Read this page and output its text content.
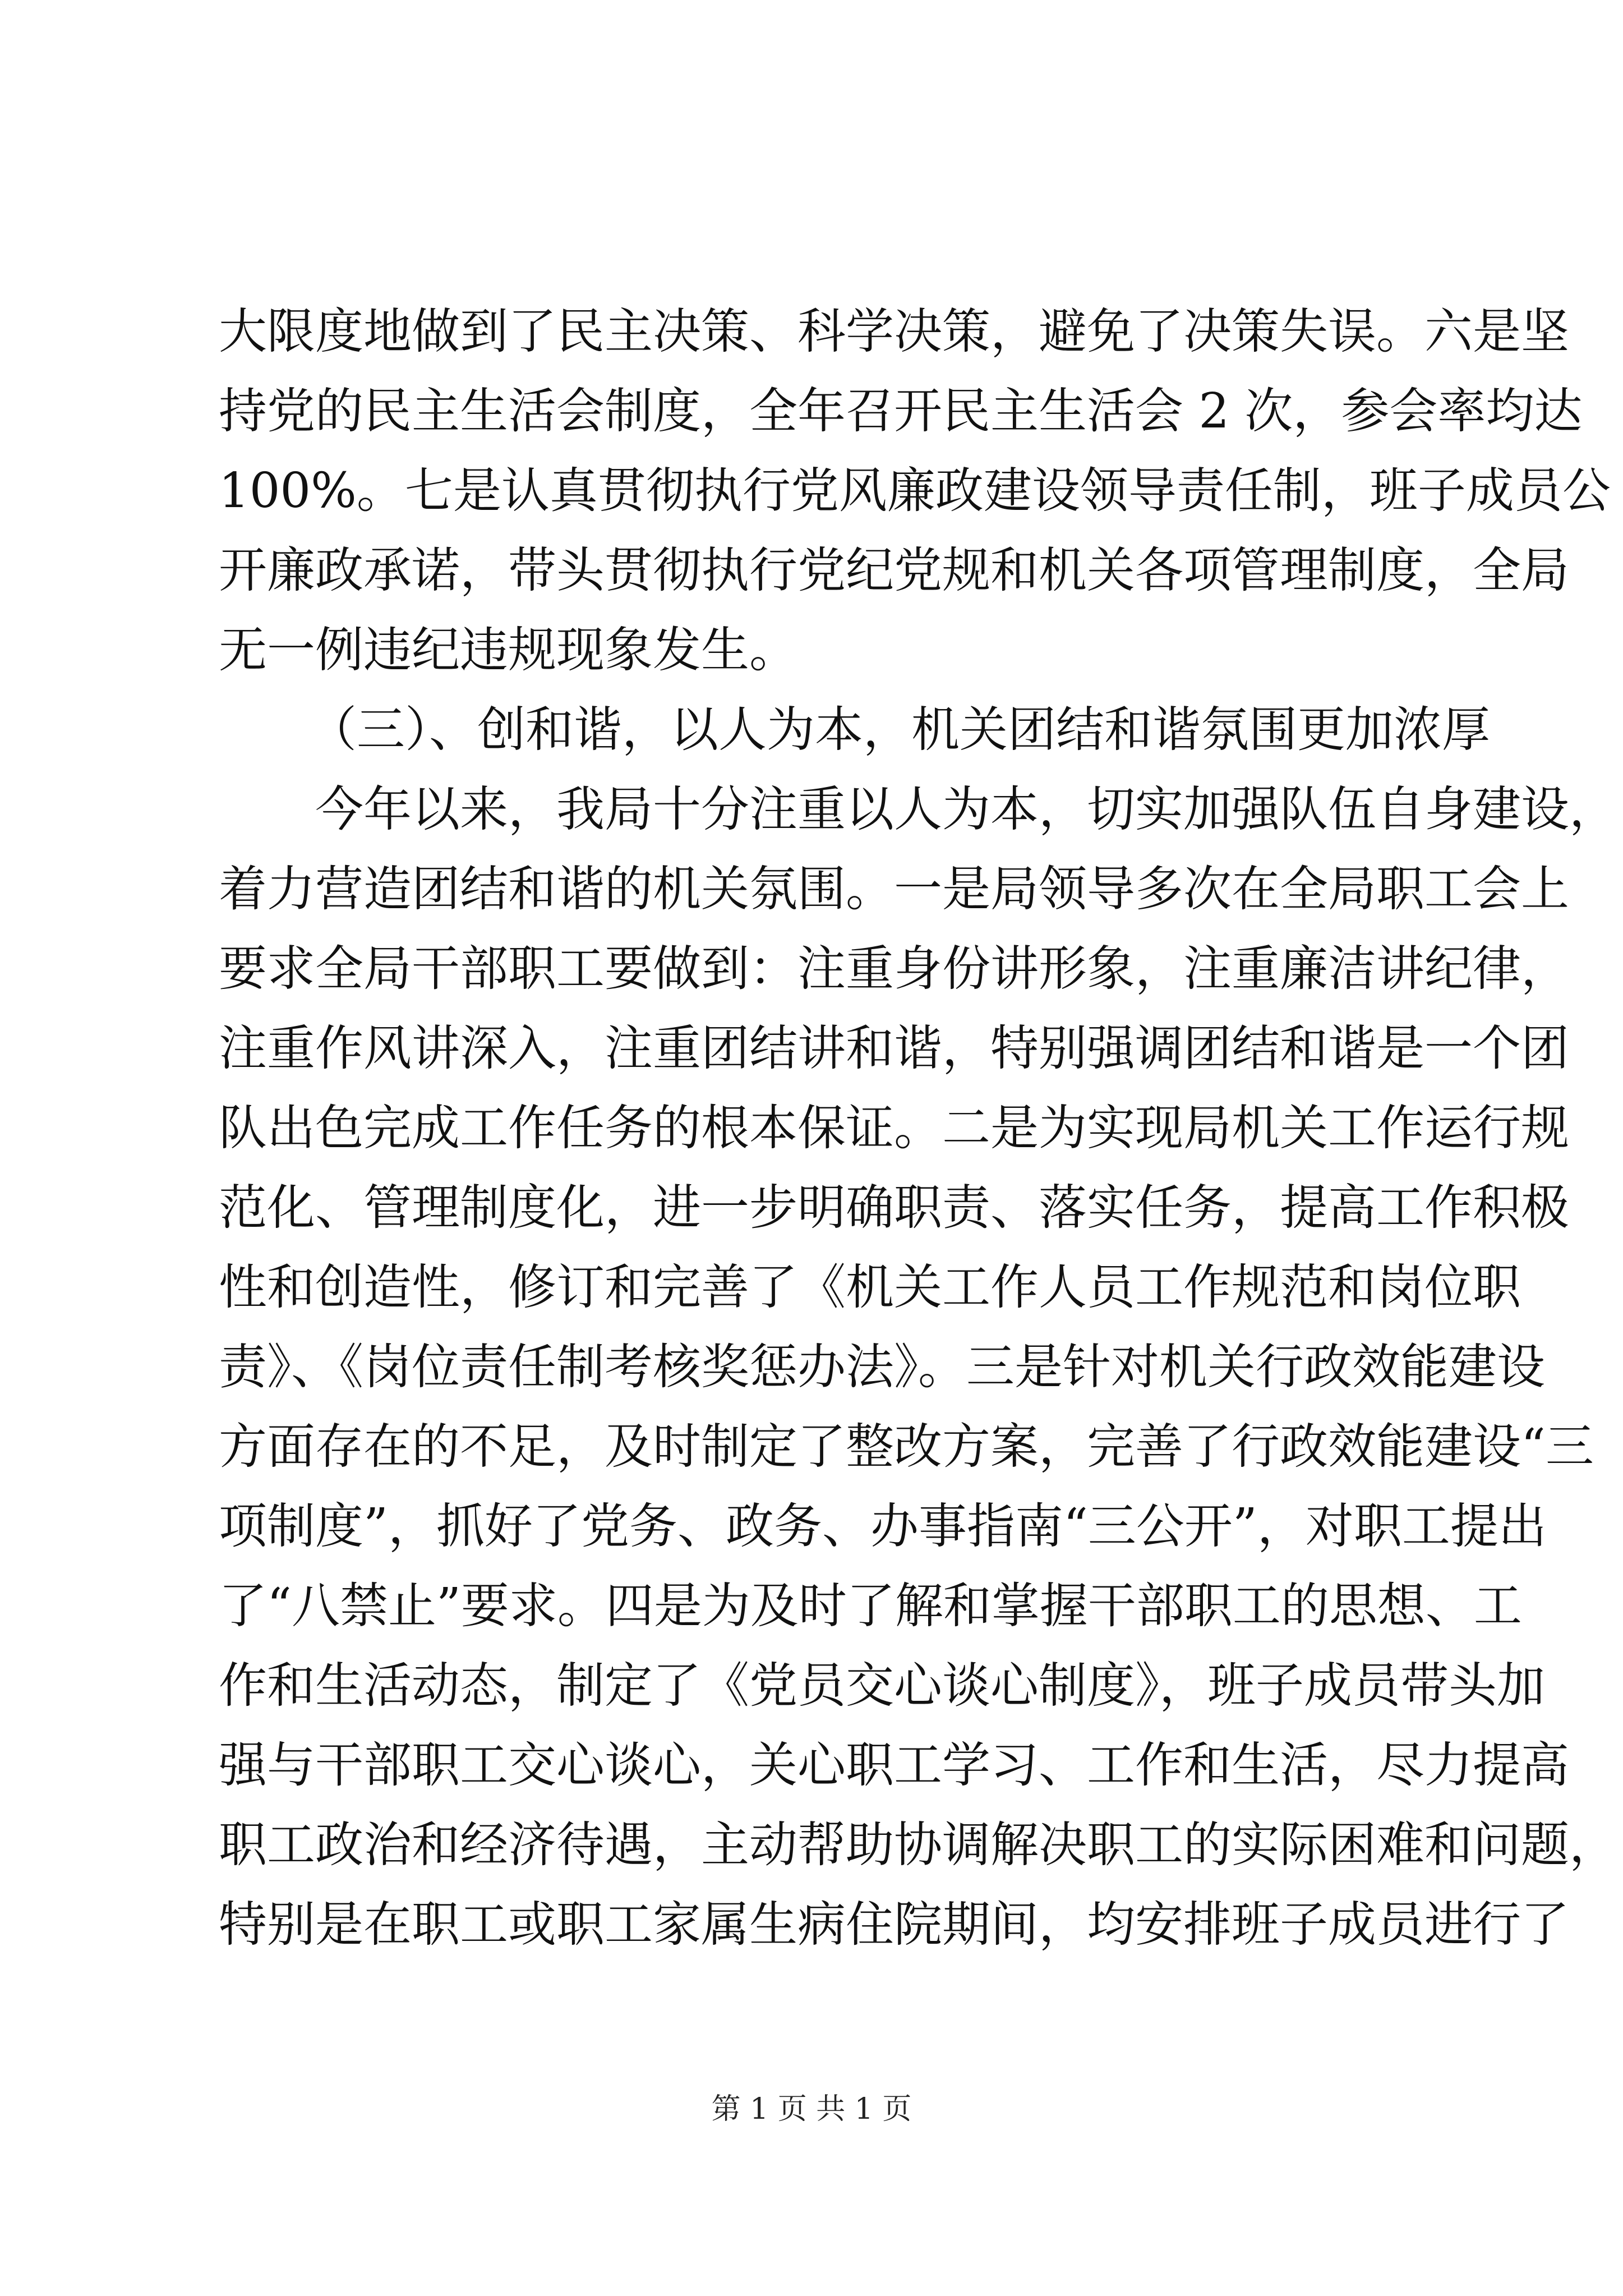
大限度地做到了民主决策、科学决策，避免了决策失误。六是坚
持党的民主生活会制度，全年召开民主生活会 2 次，参会率均达
100%。七是认真贯彻执行党风廉政建设领导责任制，班子成员公
开廉政承诺，带头贯彻执行党纪党规和机关各项管理制度，全局
无一例违纪违规现象发生。
（三）、创和谐，以人为本，机关团结和谐氛围更加浓厚
　　今年以来，我局十分注重以人为本，切实加强队伍自身建设，
着力营造团结和谐的机关氛围。一是局领导多次在全局职工会上
要求全局干部职工要做到：注重身份讲形象，注重廉洁讲纪律，
注重作风讲深入，注重团结讲和谐，特别强调团结和谐是一个团
队出色完成工作任务的根本保证。二是为实现局机关工作运行规
范化、管理制度化，进一步明确职责、落实任务，提高工作积极
性和创造性，修订和完善了《机关工作人员工作规范和岗位职
责》、《岗位责任制考核奖惩办法》。三是针对机关行政效能建设
方面存在的不足，及时制定了整改方案，完善了行政效能建设“三
项制度”，抓好了党务、政务、办事指南“三公开”，对职工提出
了“八禁止”要求。四是为及时了解和掌握干部职工的思想、工
作和生活动态，制定了《党员交心谈心制度》，班子成员带头加
强与干部职工交心谈心，关心职工学习、工作和生活，尽力提高
职工政治和经济待遇，主动帮助协调解决职工的实际困难和问题，
特别是在职工或职工家属生病住院期间，均安排班子成员进行了
第 1 页 共 1 页
